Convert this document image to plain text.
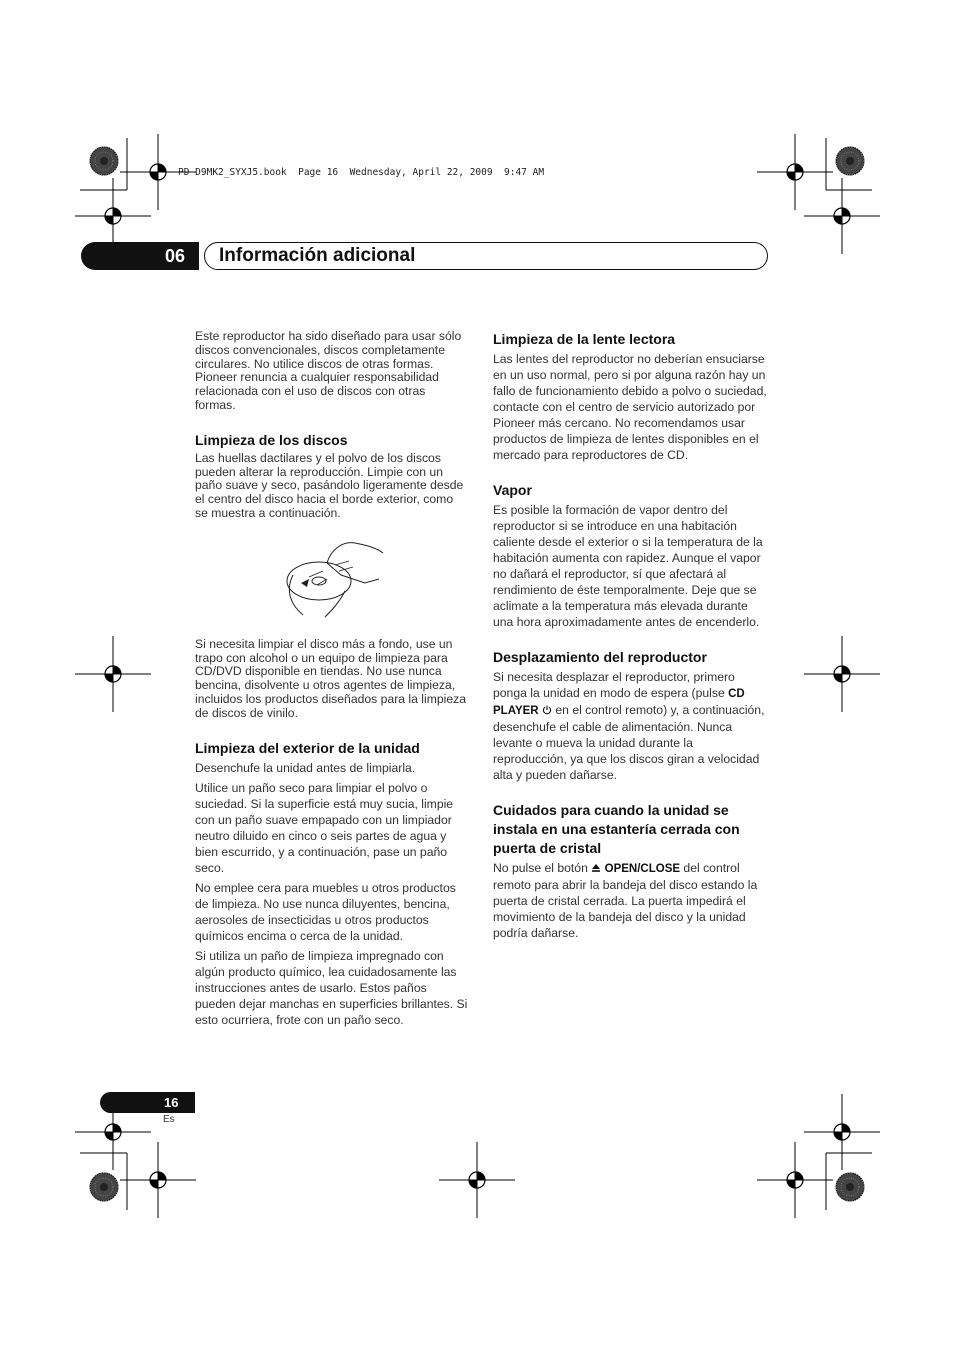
PD-D9MK2_SYXJ5.book  Page 16  Wednesday, April 22, 2009  9:47 AM
06	Información adicional

Este reproductor ha sido diseñado para usar sólo discos convencionales, discos completamente circulares. No utilice discos de otras formas. Pioneer renuncia a cualquier responsabilidad relacionada con el uso de discos con otras formas.

Limpieza de los discos

Las huellas dactilares y el polvo de los discos pueden alterar la reproducción. Limpie con un paño suave y seco, pasándolo ligeramente desde el centro del disco hacia el borde exterior, como se muestra a continuación.

Si necesita limpiar el disco más a fondo, use un trapo con alcohol o un equipo de limpieza para CD/DVD disponible en tiendas. No use nunca bencina, disolvente u otros agentes de limpieza, incluidos los productos diseñados para la limpieza de discos de vinilo.

Limpieza del exterior de la unidad

Desenchufe la unidad antes de limpiarla.

Utilice un paño seco para limpiar el polvo o suciedad. Si la superficie está muy sucia, limpie con un paño suave empapado con un limpiador neutro diluido en cinco o seis partes de agua y bien escurrido, y a continuación, pase un paño seco.

No emplee cera para muebles u otros productos de limpieza. No use nunca diluyentes, bencina, aerosoles de insecticidas u otros productos químicos encima o cerca de la unidad.

Si utiliza un paño de limpieza impregnado con algún producto químico, lea cuidadosamente las instrucciones antes de usarlo. Estos paños pueden dejar manchas en superficies brillantes. Si esto ocurriera, frote con un paño seco.

Limpieza de la lente lectora

Las lentes del reproductor no deberían ensuciarse en un uso normal, pero si por alguna razón hay un fallo de funcionamiento debido a polvo o suciedad, contacte con el centro de servicio autorizado por Pioneer más cercano. No recomendamos usar productos de limpieza de lentes disponibles en el mercado para reproductores de CD.

Vapor

Es posible la formación de vapor dentro del reproductor si se introduce en una habitación caliente desde el exterior o si la temperatura de la habitación aumenta con rapidez. Aunque el vapor no dañará el reproductor, sí que afectará al rendimiento de éste temporalmente. Deje que se aclimate a la temperatura más elevada durante una hora aproximadamente antes de encenderlo.

Desplazamiento del reproductor

Si necesita desplazar el reproductor, primero ponga la unidad en modo de espera (pulse CD PLAYER  en el control remoto) y, a continuación, desenchufe el cable de alimentación. Nunca levante o mueva la unidad durante la reproducción, ya que los discos giran a velocidad alta y pueden dañarse.

Cuidados para cuando la unidad se instala en una estantería cerrada con puerta de cristal

No pulse el botón  OPEN/CLOSE del control remoto para abrir la bandeja del disco estando la puerta de cristal cerrada. La puerta impedirá el movimiento de la bandeja del disco y la unidad podría dañarse.

16
Es
